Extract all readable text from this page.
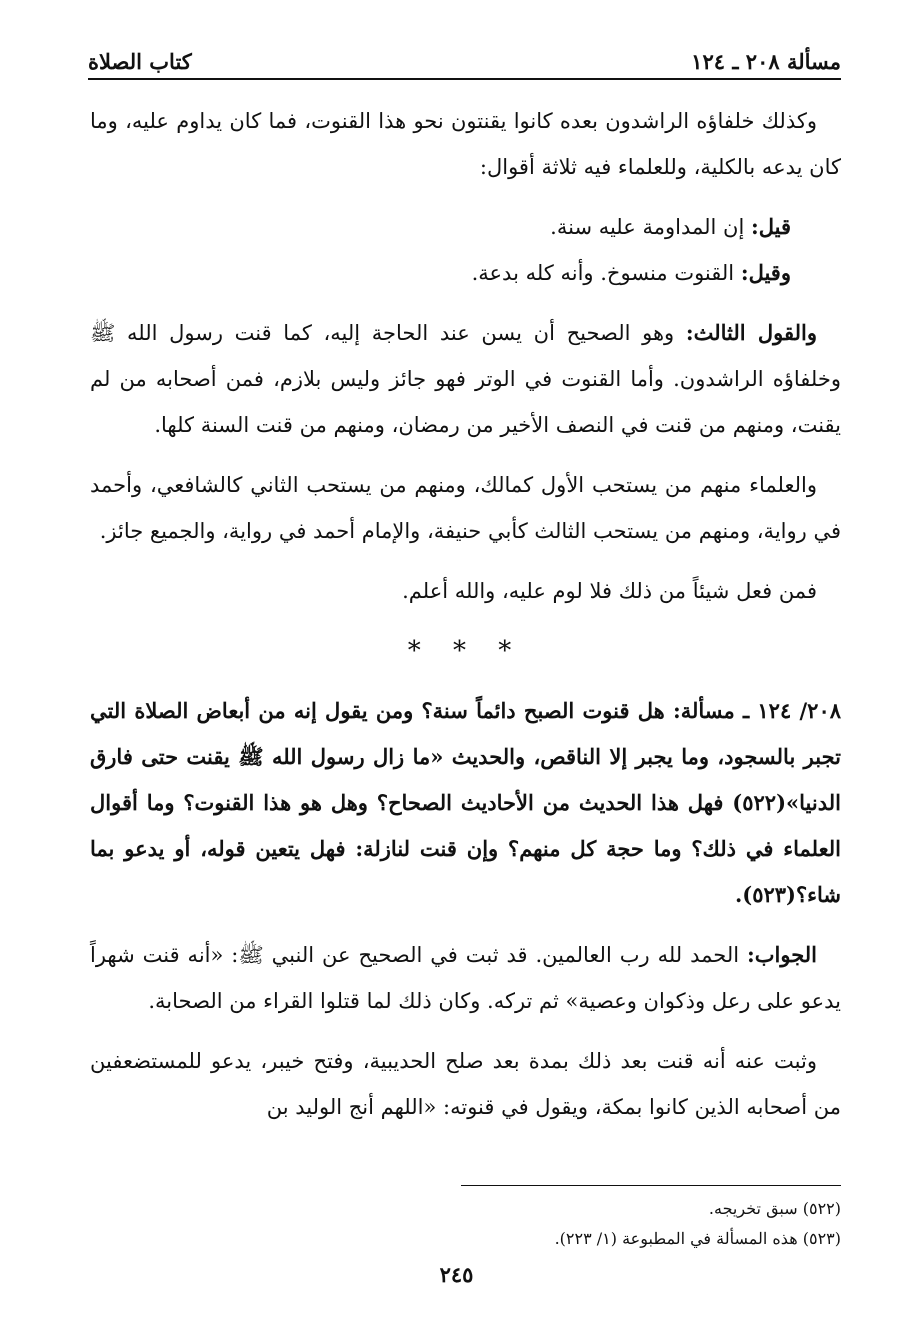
مسألة ٢٠٨ ـ ١٢٤
كتاب الصلاة

وكذلك خلفاؤه الراشدون بعده كانوا يقنتون نحو هذا القنوت، فما كان يداوم عليه، وما كان يدعه بالكلية، وللعلماء فيه ثلاثة أقوال:

قيل: إن المداومة عليه سنة.

وقيل: القنوت منسوخ. وأنه كله بدعة.

والقول الثالث: وهو الصحيح أن يسن عند الحاجة إليه، كما قنت رسول الله ﷺ وخلفاؤه الراشدون. وأما القنوت في الوتر فهو جائز وليس بلازم، فمن أصحابه من لم يقنت، ومنهم من قنت في النصف الأخير من رمضان، ومنهم من قنت السنة كلها.

والعلماء منهم من يستحب الأول كمالك، ومنهم من يستحب الثاني كالشافعي، وأحمد في رواية، ومنهم من يستحب الثالث كأبي حنيفة، والإمام أحمد في رواية، والجميع جائز.

فمن فعل شيئاً من ذلك فلا لوم عليه، والله أعلم.

* * *

٢٠٨/ ١٢٤ ـ مسألة: هل قنوت الصبح دائماً سنة؟ ومن يقول إنه من أبعاض الصلاة التي تجبر بالسجود، وما يجبر إلا الناقص، والحديث «ما زال رسول الله ﷺ يقنت حتى فارق الدنيا»(٥٢٢) فهل هذا الحديث من الأحاديث الصحاح؟ وهل هو هذا القنوت؟ وما أقوال العلماء في ذلك؟ وما حجة كل منهم؟ وإن قنت لنازلة: فهل يتعين قوله، أو يدعو بما شاء؟(٥٢٣).

الجواب: الحمد لله رب العالمين. قد ثبت في الصحيح عن النبي ﷺ: «أنه قنت شهراً يدعو على رعل وذكوان وعصية» ثم تركه. وكان ذلك لما قتلوا القراء من الصحابة.

وثبت عنه أنه قنت بعد ذلك بمدة بعد صلح الحديبية، وفتح خيبر، يدعو للمستضعفين من أصحابه الذين كانوا بمكة، ويقول في قنوته: «اللهم أنج الوليد بن

(٥٢٢) سبق تخريجه.
(٥٢٣) هذه المسألة في المطبوعة (١/ ٢٢٣).
٢٤٥
